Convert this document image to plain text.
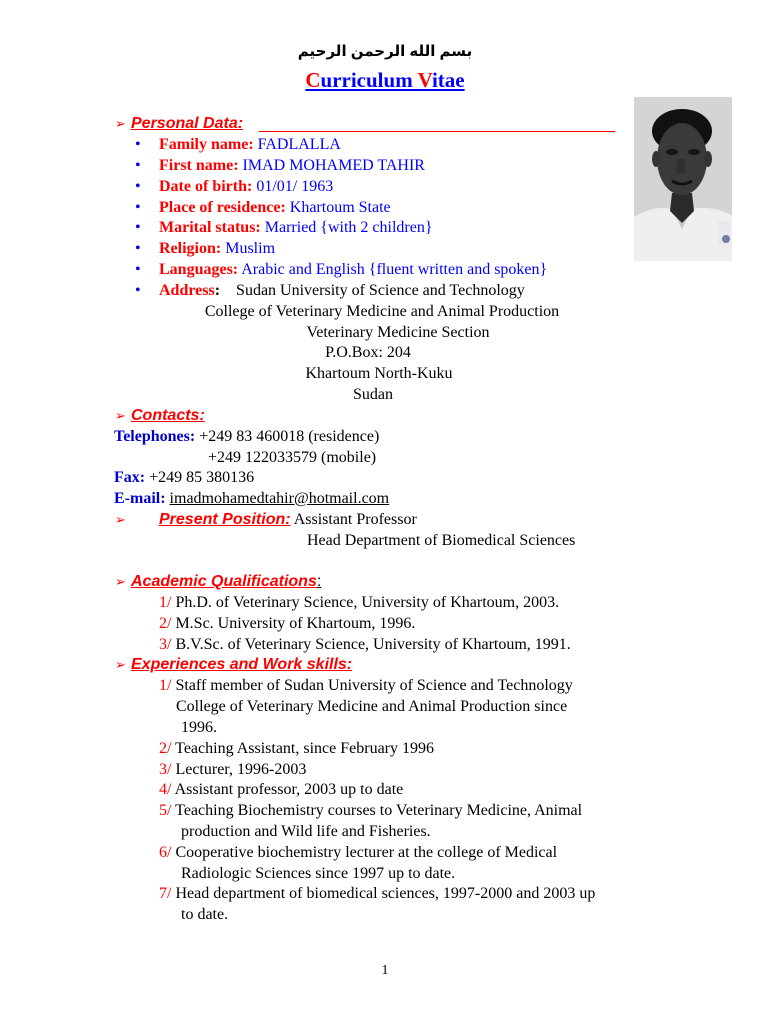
بسم الله الرحمن الرحيم
Curriculum Vitae
➢ Personal Data:
• Family name: FADLALLA
• First name: IMAD MOHAMED TAHIR
• Date of birth: 01/01/ 1963
• Place of residence: Khartoum State
• Marital status: Married {with 2 children}
• Religion: Muslim
• Languages: Arabic and English {fluent written and spoken}
• Address: Sudan University of Science and Technology
College of Veterinary Medicine and Animal Production
Veterinary Medicine Section
P.O.Box: 204
Khartoum North-Kuku
Sudan
➢ Contacts:
Telephones: +249 83 460018 (residence)
+249 122033579 (mobile)
Fax: +249 85 380136
E-mail: imadmohamedtahir@hotmail.com
➢ Present Position: Assistant Professor
Head Department of Biomedical Sciences
➢ Academic Qualifications:
1/ Ph.D. of Veterinary Science, University of Khartoum, 2003.
2/ M.Sc. University of Khartoum, 1996.
3/ B.V.Sc. of Veterinary Science, University of Khartoum, 1991.
➢ Experiences and Work skills:
1/ Staff member of Sudan University of Science and Technology
College of Veterinary Medicine and Animal Production since
1996.
2/ Teaching Assistant, since February 1996
3/ Lecturer, 1996-2003
4/ Assistant professor, 2003 up to date
5/ Teaching Biochemistry courses to Veterinary Medicine, Animal
production and Wild life and Fisheries.
6/ Cooperative biochemistry lecturer at the college of Medical
Radiologic Sciences since 1997 up to date.
7/ Head department of biomedical sciences, 1997-2000 and 2003 up
to date.
1
